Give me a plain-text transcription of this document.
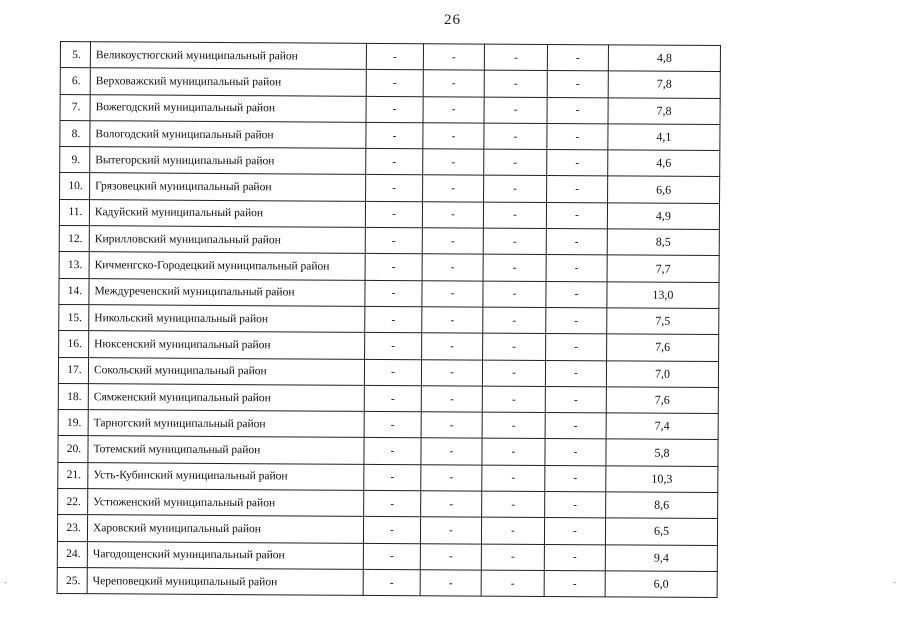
26
5.	Великоустюгский муниципальный район	-	-	-	-	4,8
6.	Верховажский муниципальный район	-	-	-	-	7,8
7.	Вожегодский муниципальный район	-	-	-	-	7,8
8.	Вологодский муниципальный район	-	-	-	-	4,1
9.	Вытегорский муниципальный район	-	-	-	-	4,6
10.	Грязовецкий муниципальный район	-	-	-	-	6,6
11.	Кадуйский муниципальный район	-	-	-	-	4,9
12.	Кирилловский муниципальный район	-	-	-	-	8,5
13.	Кичменгско-Городецкий муниципальный район	-	-	-	-	7,7
14.	Междуреченский муниципальный район	-	-	-	-	13,0
15.	Никольский муниципальный район	-	-	-	-	7,5
16.	Нюксенский муниципальный район	-	-	-	-	7,6
17.	Сокольский муниципальный район	-	-	-	-	7,0
18.	Сямженский муниципальный район	-	-	-	-	7,6
19.	Тарногский муниципальный район	-	-	-	-	7,4
20.	Тотемский муниципальный район	-	-	-	-	5,8
21.	Усть-Кубинский муниципальный район	-	-	-	-	10,3
22.	Устюженский муниципальный район	-	-	-	-	8,6
23.	Харовский муниципальный район	-	-	-	-	6,5
24.	Чагодощенский муниципальный район	-	-	-	-	9,4
25.	Череповецкий муниципальный район	-	-	-	-	6,0
-	-
